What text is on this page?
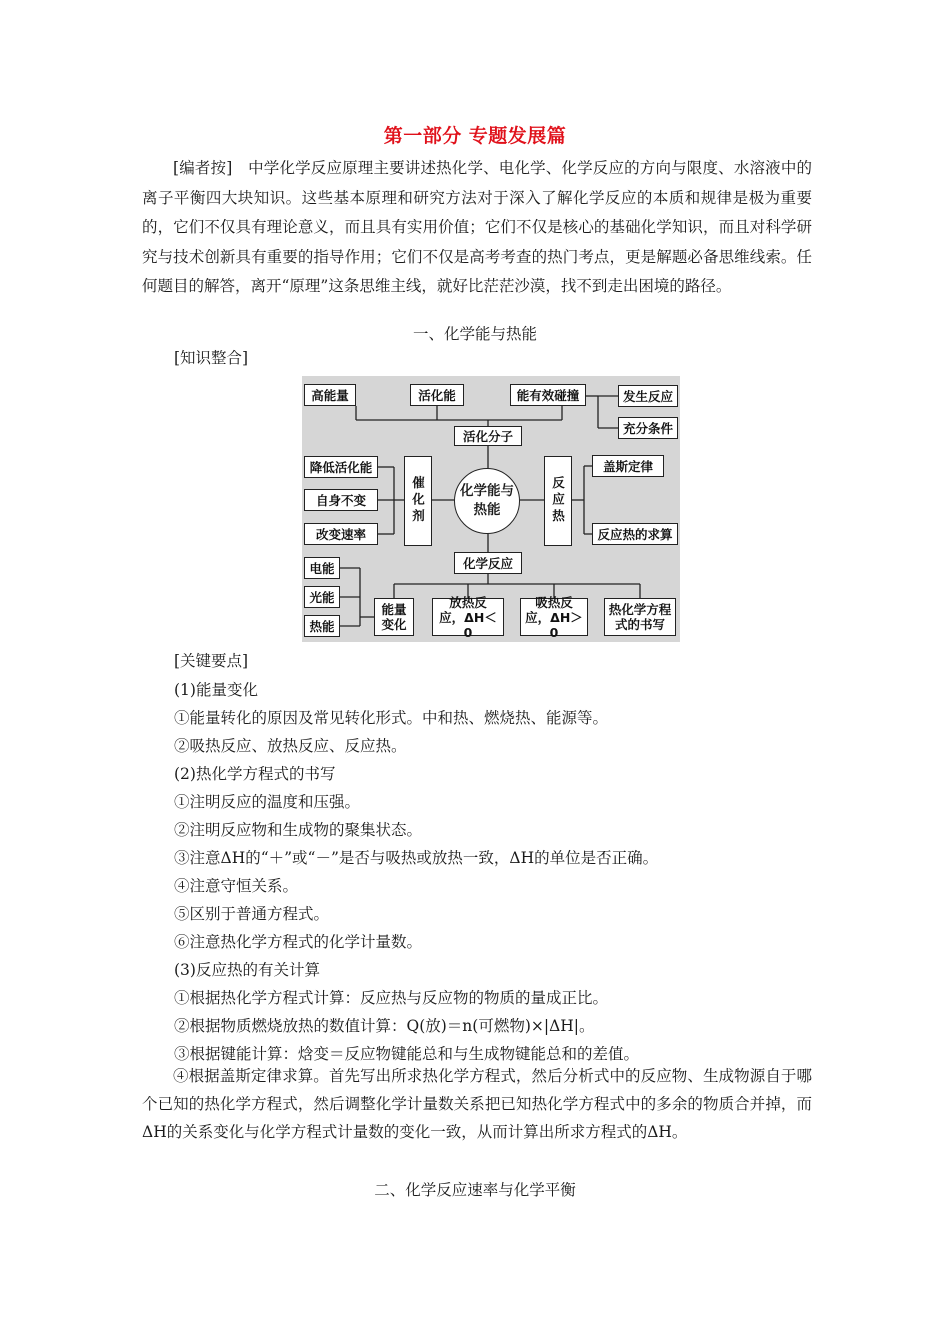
第一部分 专题发展篇

[编者按]　中学化学反应原理主要讲述热化学、电化学、化学反应的方向与限度、水溶液中的离子平衡四大块知识。这些基本原理和研究方法对于深入了解化学反应的本质和规律是极为重要的，它们不仅具有理论意义，而且具有实用价值；它们不仅是核心的基础化学知识，而且对科学研究与技术创新具有重要的指导作用；它们不仅是高考考查的热门考点，更是解题必备思维线索。任何题目的解答，离开“原理”这条思维主线，就好比茫茫沙漠，找不到走出困境的路径。

一、化学能与热能
[知识整合]
高能量	活化能	能有效碰撞	发生反应
充分条件
活化分子
降低活化能
自身不变
改变速率
催化剂	化学能与热能	反应热
盖斯定律
反应热的求算
化学反应
电能
光能
热能
能量变化
放热反应，ΔH＜0
吸热反应，ΔH＞0
热化学方程式的书写
[关键要点]
(1)能量变化
①能量转化的原因及常见转化形式。中和热、燃烧热、能源等。
②吸热反应、放热反应、反应热。
(2)热化学方程式的书写
①注明反应的温度和压强。
②注明反应物和生成物的聚集状态。
③注意ΔH的“＋”或“－”是否与吸热或放热一致，ΔH的单位是否正确。
④注意守恒关系。
⑤区别于普通方程式。
⑥注意热化学方程式的化学计量数。
(3)反应热的有关计算
①根据热化学方程式计算：反应热与反应物的物质的量成正比。
②根据物质燃烧放热的数值计算：Q(放)＝n(可燃物)×|ΔH|。
③根据键能计算：焓变＝反应物键能总和与生成物键能总和的差值。

④根据盖斯定律求算。首先写出所求热化学方程式，然后分析式中的反应物、生成物源自于哪个已知的热化学方程式，然后调整化学计量数关系把已知热化学方程式中的多余的物质合并掉，而ΔH的关系变化与化学方程式计量数的变化一致，从而计算出所求方程式的ΔH。

二、化学反应速率与化学平衡
